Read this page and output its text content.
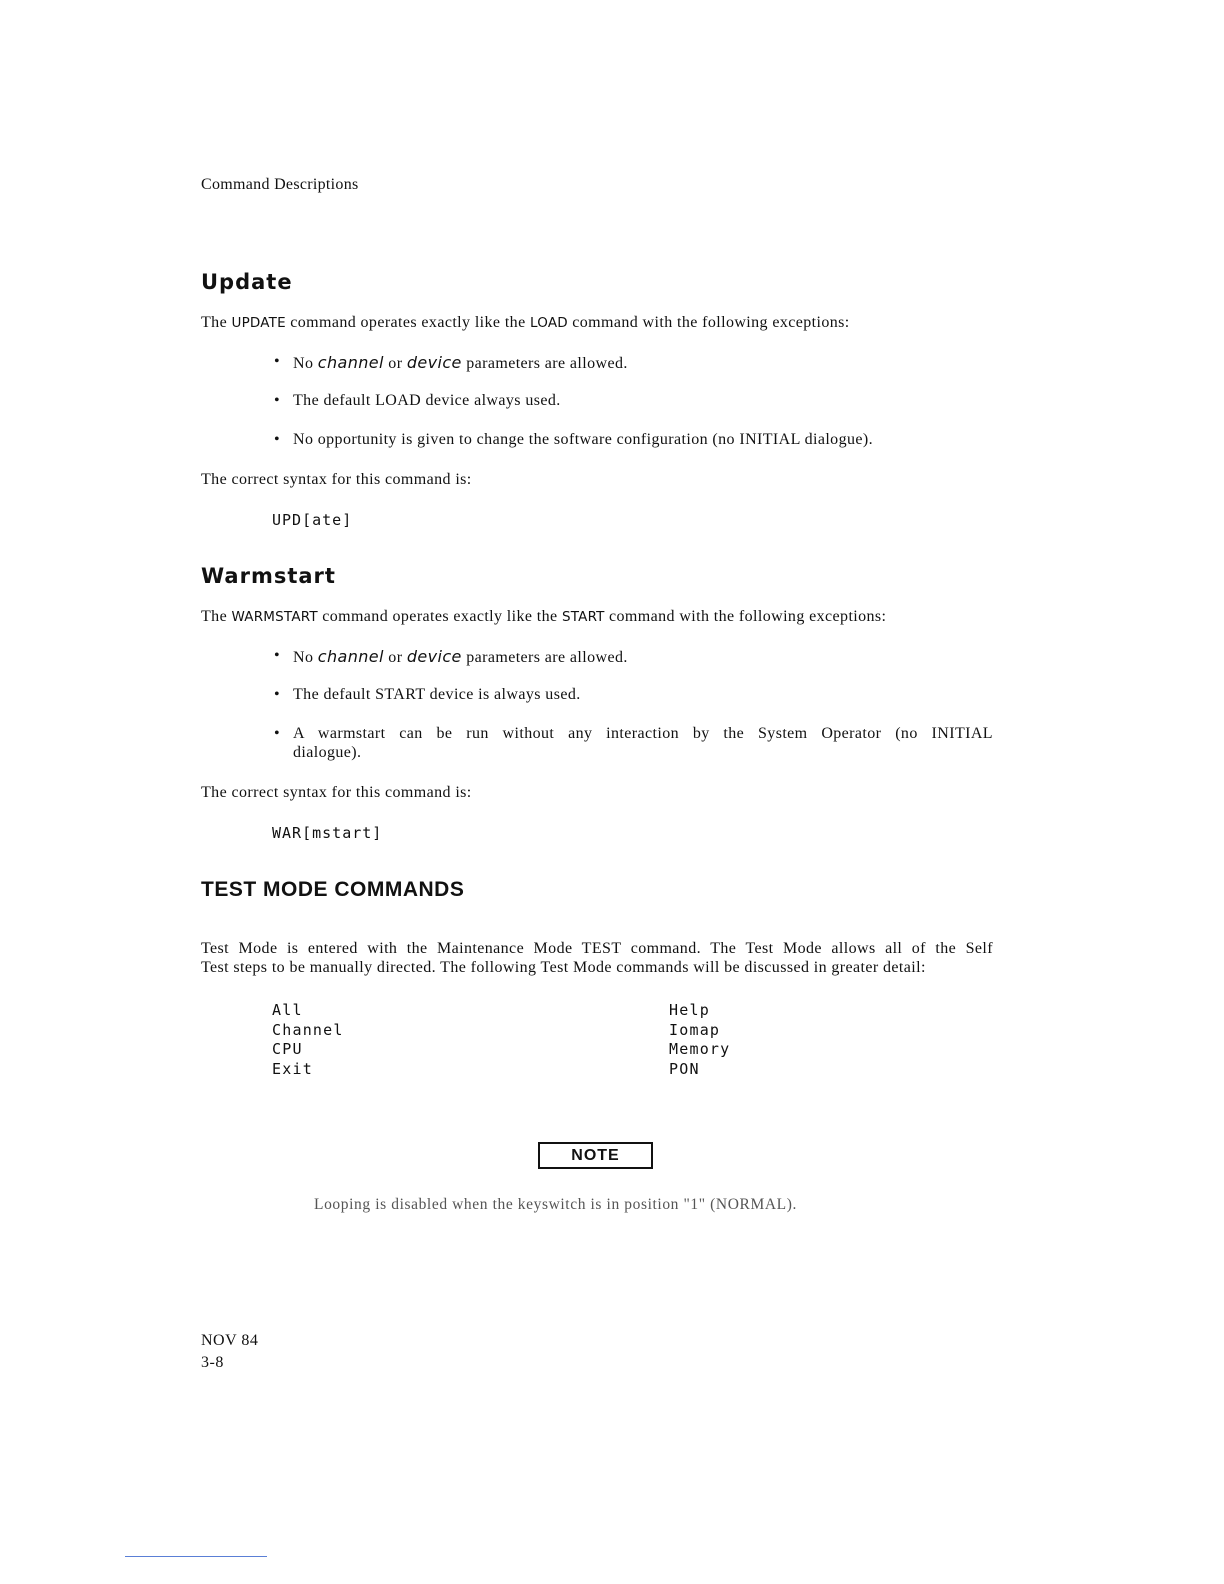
Command Descriptions
Update
The UPDATE command operates exactly like the LOAD command with the following exceptions:
• No channel or device parameters are allowed.
• The default LOAD device always used.
• No opportunity is given to change the software configuration (no INITIAL dialogue).
The correct syntax for this command is:
UPD[ate]
Warmstart
The WARMSTART command operates exactly like the START command with the following exceptions:
• No channel or device parameters are allowed.
• The default START device is always used.
• A warmstart can be run without any interaction by the System Operator (no INITIAL
dialogue).
The correct syntax for this command is:
WAR[mstart]
TEST MODE COMMANDS
Test Mode is entered with the Maintenance Mode TEST command. The Test Mode allows all of the Self
Test steps to be manually directed. The following Test Mode commands will be discussed in greater detail:
All
Channel
CPU
Exit
Help
Iomap
Memory
PON
NOTE
Looping is disabled when the keyswitch is in position "1" (NORMAL).
NOV 84
3-8
